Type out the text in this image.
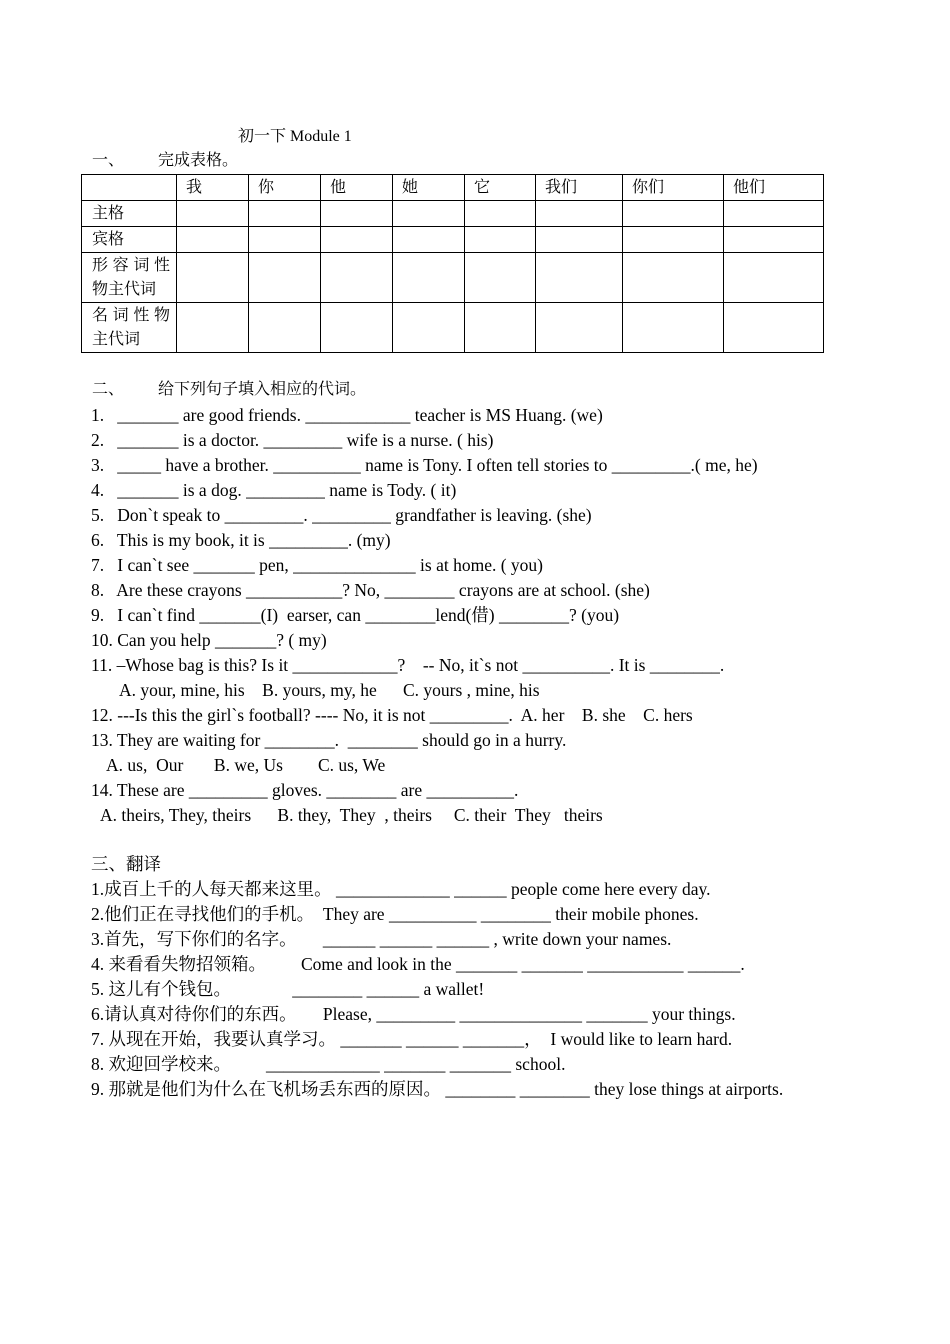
初一下 Module 1
一、 完成表格。
	我	你	他	她	它	我们	你们	他们
主格								
宾格								

形 容 词 性
物主代词								

名 词 性 物
主代词								
二、 给下列句子填入相应的代词。
1.   _______ are good friends. ____________ teacher is MS Huang. (we)
2.   _______ is a doctor. _________ wife is a nurse. ( his)
3.   _____ have a brother. __________ name is Tony. I often tell stories to _________.( me, he)
4.   _______ is a dog. _________ name is Tody. ( it)
5.   Don`t speak to _________. _________ grandfather is leaving. (she)
6.   This is my book, it is _________. (my)
7.   I can`t see _______ pen, ______________ is at home. ( you)
8.   Are these crayons ___________? No, ________ crayons are at school. (she)
9.   I can`t find _______(I)  earser, can ________lend(借) ________? (you)
10. Can you help _______? ( my)
11. –Whose bag is this? Is it ____________?    -- No, it`s not __________. It is ________.
A. your, mine, his    B. yours, my, he      C. yours , mine, his
12. ---Is this the girl`s football? ---- No, it is not _________.  A. her    B. she    C. hers
13. They are waiting for ________.  ________ should go in a hurry.
A. us,  Our       B. we, Us        C. us, We
14. These are _________ gloves. ________ are __________.
A. theirs, They, theirs      B. they,  They  , theirs     C. their  They   theirs
三、翻译
1.成百上千的人每天都来这里。 _____________ ______ people come here every day.
2.他们正在寻找他们的手机。  They are __________ ________ their mobile phones.
3.首先，写下你们的名字。      ______ ______ ______ , write down your names.
4. 来看看失物招领箱。        Come and look in the _______ _______ ___________ ______.
5. 这儿有个钱包。              ________ ______ a wallet!
6.请认真对待你们的东西。      Please, _________ ______________ _______ your things.
7. 从现在开始，我要认真学习。 _______ ______ _______，  I would like to learn hard.
8. 欢迎回学校来。        _____________ _______ _______ school.
9. 那就是他们为什么在飞机场丢东西的原因。 ________ ________ they lose things at airports.
